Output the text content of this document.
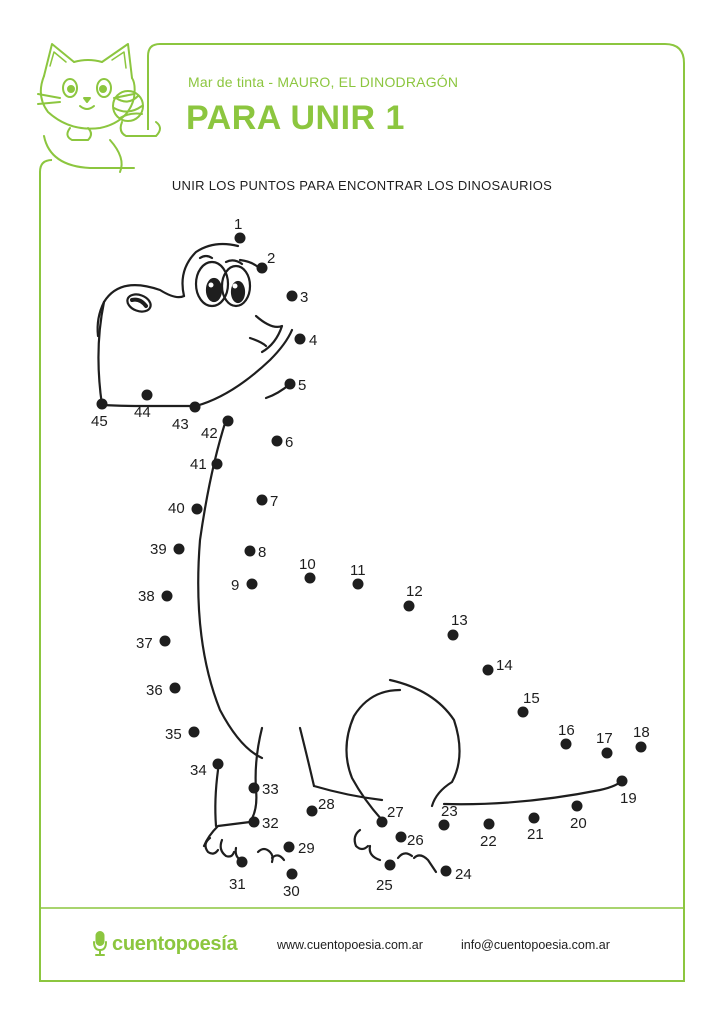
Mar de tinta - MAURO, EL DINODRAGÓN
PARA UNIR 1
UNIR LOS PUNTOS PARA ENCONTRAR LOS DINOSAURIOS
1
2
3
4
5
6
7
8
9
10 11
12
13
14
15
16 17 18
19
20
21
22
23
24
25
26
27
28
29
30
31
32
33
34
35
36
37
38
39
40
41
42
43
44
45
cuentopoesía	www.cuentopoesia.com.ar	info@cuentopoesia.com.ar
